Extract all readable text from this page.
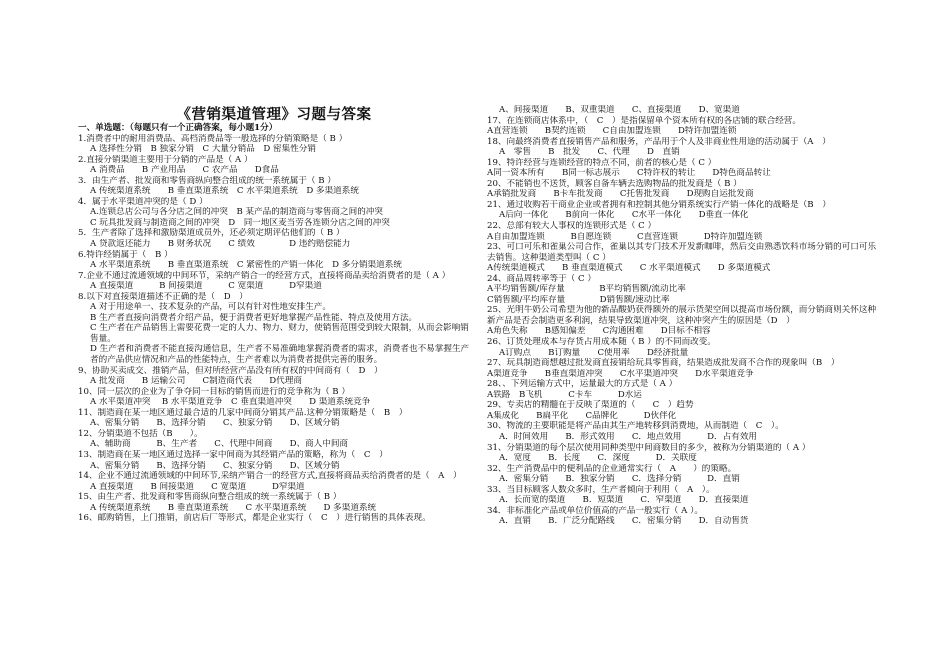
《营销渠道管理》习题与答案
一、单选题：（每题只有一个正确答案，每小题1分）
1.消费者中的耐用消费品、高档消费品等一般选择的分销策略是（ B ）
A 选择性分销　B 独家分销　C 大量分销品　D 密集性分销
2.直接分销渠道主要用于分销的产品是（ A ）
A 消费品　　B 产业用品　　C 农产品　　D食品
3．由生产者、批发商和零售商纵向整合组成的统一系统属于（ B ）
A 传统渠道系统　　B 垂直渠道系统　C 水平渠道系统　D 多渠道系统
4．属于水平渠道冲突的是（ D ）
A.连锁总店公司与各分店之间的冲突　B 某产品的制造商与零售商之间的冲突
C 玩具批发商与制造商之间的冲突　D　同一地区麦当劳各连锁分店之间的冲突
5．生产者除了选择和激励渠道成员外，还必须定期评估他们的（ B ）
A 贷款返还能力　　B 财务状况　　C 绩效　　　　D 违约赔偿能力
6.特许经销属于（　B ）
A 水平渠道系统　　B 垂直渠道系统　C 紧密性的产销一体化　D 多分销渠道系统
7.企业不通过流通领域的中间环节，采纳产销合一的经营方式，直接将商品卖给消费者的是（ A ）
A 直接渠道　　　B 间接渠道　　　C 宽渠道　　　D窄渠道
8.以下对直接渠道描述不正确的是（　D　）
A 对于用途单一、技术复杂的产品，可以有针对性地安排生产。
B 生产者直接向消费者介绍产品，便于消费者更好地掌握产品性能、特点及使用方法。
C 生产者在产品销售上需要花费一定的人力、物力、财力，使销售范围受到较大限制，从而会影响销售量。
D 生产者和消费者不能直接沟通信息，生产者不易准确地掌握消费者的需求，消费者也不易掌握生产者的产品供应情况和产品的性能特点，生产者难以为消费者提供完善的服务。
9、协助买卖成交、推销产品，但对所经营产品没有所有权的中间商有（　D　）
A 批发商　　B 运输公司　　C制造商代表　　D代理商
10、同一层次的企业为了争夺同一目标的销售而进行的竞争称为（ B ）
A 水平渠道冲突　 B 水平渠道竞争　C 垂直渠道冲突　　D 渠道系统竞争
11、制造商在某一地区通过最合适的几家中间商分销其产品.这种分销策略是（　B　）
A、密集分销　　B、选择分销　　C、独家分销　　D、区域分销
12、分销渠道不包括（B　　）。
A、辅助商　　　B、生产者　　C、代理中间商　　D、商人中间商
13、制造商在某一地区通过选择一家中间商为其经销产品的策略，称为（　C　）
A、密集分销　　B、选择分销　　C、独家分销　　D、区域分销
14、企业不通过流通领域的中间环节,采纳产销合一的经营方式,直接将商品卖给消费者的是（　A　）
A 直接渠道　　B 间接渠道　　C 宽渠道　　　D窄渠道
15、由生产者、批发商和零售商纵向整合组成的统一系统属于（ B ）
A 传统渠道系统　　B 垂直渠道系统　　C 水平渠道系统　　D 多渠道系统
16、邮购销售，上门推销，前店后厂等形式，都是企业实行（　C　）进行销售的具体表现。
A、间接渠道　　B、双重渠道　　C、直接渠道　　D、宽渠道
17、在连锁商店体系中，（　C　）是指保留单个资本所有权的各店铺的联合经营。
A直营连锁　　B契约连锁　　C自由加盟连锁　　D特许加盟连锁
18、向最终消费者直接销售产品和服务，产品用于个人及非商业性用途的活动属于（A　）
A　零售　　B　批发　　C、代理　　D　直销
19、特许经营与连锁经营的特点不同，前者的核心是（ C ）
A同一资本所有　　B同一标志展示　　C特许权的转让　　D特色商品转让
20、不能销也不送货，顾客自备车辆去选购物品的批发商是（ B ）
A承销批发商　　B卡车批发商　　C托售批发商　　D现购自运批发商
21、通过收购若干商业企业或者拥有和控制其他分销系统实行产销一体化的战略是（B　）
A后向一体化　　B前向一体化　　C水平一体化　　D垂直一体化
22、总部有较大人事权的连锁形式是（ C ）
A自由加盟连锁　　　B自愿连锁　　　C直营连锁　　　D特许加盟连锁
23、可口可乐和雀巢公司合作，雀巢以其专门技术开发新咖啡，然后交由熟悉饮料市场分销的可口可乐去销售。这种渠道类型叫（ C ）
A传统渠道模式　　B 垂直渠道模式　　C 水平渠道模式　　D 多渠道模式
24、商品周转率等于（ C ）
A平均销售额/库存量　　　　B平均销售额/流动比率
C销售额/平均库存量　　　　D销售额/速动比率
25、光明牛奶公司希望为他的新品酸奶获得额外的展示货架空间以提高市场份额，而分销商则关怀这种新产品是否会制造更多利润，结果导致渠道冲突，这种冲突产生的原因是（D　）
A角色失称　　B感知偏差　　C沟通困难　　D目标不相容
26、订货处理成本与存货占用成本随（ B ）的不同而改变。
A订购点　　B订购量　　C使用率　　D经济批量
27、玩具制造商想越过批发商直接销给玩具零售商，结果造成批发商不合作的现象叫（B　）
A渠道竞争　　B垂直渠道冲突　　C水平渠道冲突　　D水平渠道竞争
28、、下列运输方式中，运量最大的方式是（ A ）
A铁路　B飞机　　　C卡车　　　D水运
29、专卖店的精髓在于反映了渠道的（　　C　）趋势
A集成化　　B扁平化　　C品牌化　　　D伙伴化
30、物流的主要职能是将产品由其生产地转移到消费地，从而制造（　C　）。
A．时间效用　　B．形式效用　　C．地点效用　　　D．占有效用
31、分销渠道的每个层次使用同种类型中间商数目的多少，被称为分销渠道的（ A ）
A．宽度　　B．长度　　C．深度　　　D．关联度
32、生产消费品中的便利品的企业通常实行（　A　　）的策略。
A．密集分销　　B．独家分销　　C．选择分销　　　D．直销
33、当目标顾客人数众多时，生产者倾向于利用（　A　）。
A．长而宽的渠道　　B．短渠道　　C．窄渠道　　D．直接渠道
34．非标准化产品或单位价值高的产品一般实行（ A ）。
A．直销　　B．广泛分配路线　　C．密集分销　　D．自动售货
